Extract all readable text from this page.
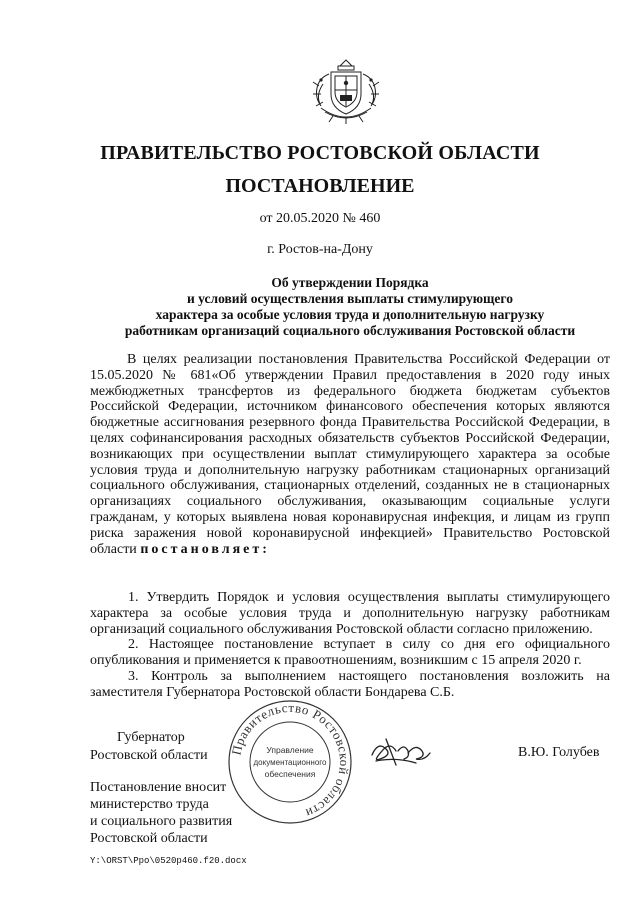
ПРАВИТЕЛЬСТВО РОСТОВСКОЙ ОБЛАСТИ
ПОСТАНОВЛЕНИЕ
от 20.05.2020 № 460
г. Ростов-на-Дону
Об утверждении Порядка
и условий осуществления выплаты стимулирующего
характера за особые условия труда и дополнительную нагрузку
работникам организаций социального обслуживания Ростовской области
В целях реализации постановления Правительства Российской Федерации от 15.05.2020 № 681«Об утверждении Правил предоставления в 2020 году иных межбюджетных трансфертов из федерального бюджета бюджетам субъектов Российской Федерации, источником финансового обеспечения которых являются бюджетные ассигнования резервного фонда Правительства Российской Федерации, в целях софинансирования расходных обязательств субъектов Российской Федерации, возникающих при осуществлении выплат стимулирующего характера за особые условия труда и дополнительную нагрузку работникам стационарных организаций социального обслуживания, стационарных отделений, созданных не в стационарных организациях социального обслуживания, оказывающим социальные услуги гражданам, у которых выявлена новая коронавирусная инфекция, и лицам из групп риска заражения новой коронавирусной инфекцией» Правительство Ростовской области постановляет:

1. Утвердить Порядок и условия осуществления выплаты стимулирующего характера за особые условия труда и дополнительную нагрузку работникам организаций социального обслуживания Ростовской области согласно приложению.

2. Настоящее постановление вступает в силу со дня его официального опубликования и применяется к правоотношениям, возникшим с 15 апреля 2020 г.

3. Контроль за выполнением настоящего постановления возложить на заместителя Губернатора Ростовской области Бондарева С.Б.

Правительство Ростовской области
Управление
документационного
обеспечения
Губернатор
Ростовской области	В.Ю. Голубев
Постановление вносит
министерство труда
и социального развития
Ростовской области
Y:\ORST\Ppo\0520p460.f20.docx
